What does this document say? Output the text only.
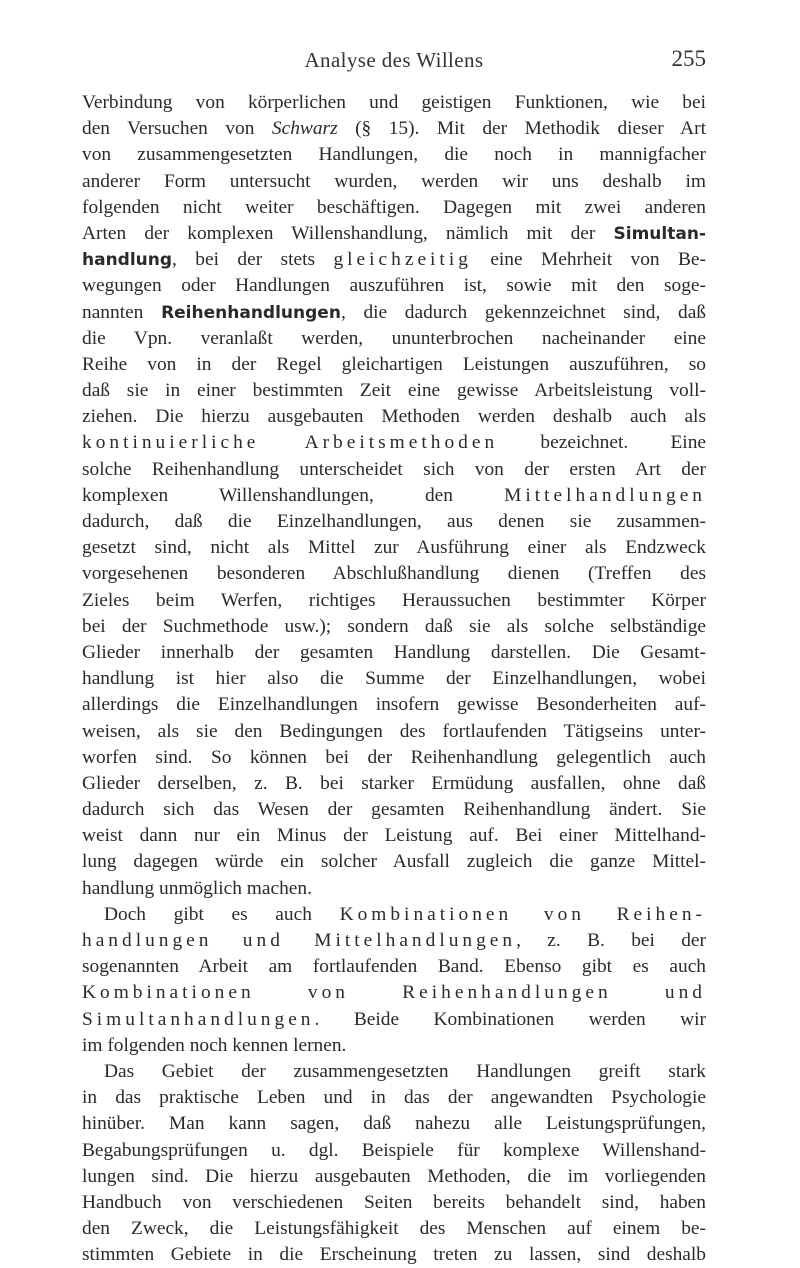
Analyse des Willens	255
Verbindung von körperlichen und geistigen Funktionen, wie bei
den Versuchen von Schwarz (§ 15). Mit der Methodik dieser Art
von zusammengesetzten Handlungen, die noch in mannigfacher
anderer Form untersucht wurden, werden wir uns deshalb im
folgenden nicht weiter beschäftigen. Dagegen mit zwei anderen
Arten der komplexen Willenshandlung, nämlich mit der Simultan-
handlung, bei der stets gleichzeitig eine Mehrheit von Be-
wegungen oder Handlungen auszuführen ist, sowie mit den soge-
nannten Reihenhandlungen, die dadurch gekennzeichnet sind, daß
die Vpn. veranlaßt werden, ununterbrochen nacheinander eine
Reihe von in der Regel gleichartigen Leistungen auszuführen, so
daß sie in einer bestimmten Zeit eine gewisse Arbeitsleistung voll-
ziehen. Die hierzu ausgebauten Methoden werden deshalb auch als
kontinuierliche Arbeitsmethoden bezeichnet. Eine
solche Reihenhandlung unterscheidet sich von der ersten Art der
komplexen Willenshandlungen, den Mittelhandlungen
dadurch, daß die Einzelhandlungen, aus denen sie zusammen-
gesetzt sind, nicht als Mittel zur Ausführung einer als Endzweck
vorgesehenen besonderen Abschlußhandlung dienen (Treffen des
Zieles beim Werfen, richtiges Heraussuchen bestimmter Körper
bei der Suchmethode usw.); sondern daß sie als solche selbständige
Glieder innerhalb der gesamten Handlung darstellen. Die Gesamt-
handlung ist hier also die Summe der Einzelhandlungen, wobei
allerdings die Einzelhandlungen insofern gewisse Besonderheiten auf-
weisen, als sie den Bedingungen des fortlaufenden Tätigseins unter-
worfen sind. So können bei der Reihenhandlung gelegentlich auch
Glieder derselben, z. B. bei starker Ermüdung ausfallen, ohne daß
dadurch sich das Wesen der gesamten Reihenhandlung ändert. Sie
weist dann nur ein Minus der Leistung auf. Bei einer Mittelhand-
lung dagegen würde ein solcher Ausfall zugleich die ganze Mittel-
handlung unmöglich machen.
Doch gibt es auch Kombinationen von Reihen-
handlungen und Mittelhandlungen, z. B. bei der
sogenannten Arbeit am fortlaufenden Band. Ebenso gibt es auch
Kombinationen von Reihenhandlungen und
Simultanhandlungen. Beide Kombinationen werden wir
im folgenden noch kennen lernen.
Das Gebiet der zusammengesetzten Handlungen greift stark
in das praktische Leben und in das der angewandten Psychologie
hinüber. Man kann sagen, daß nahezu alle Leistungsprüfungen,
Begabungsprüfungen u. dgl. Beispiele für komplexe Willenshand-
lungen sind. Die hierzu ausgebauten Methoden, die im vorliegenden
Handbuch von verschiedenen Seiten bereits behandelt sind, haben
den Zweck, die Leistungsfähigkeit des Menschen auf einem be-
stimmten Gebiete in die Erscheinung treten zu lassen, sind deshalb
